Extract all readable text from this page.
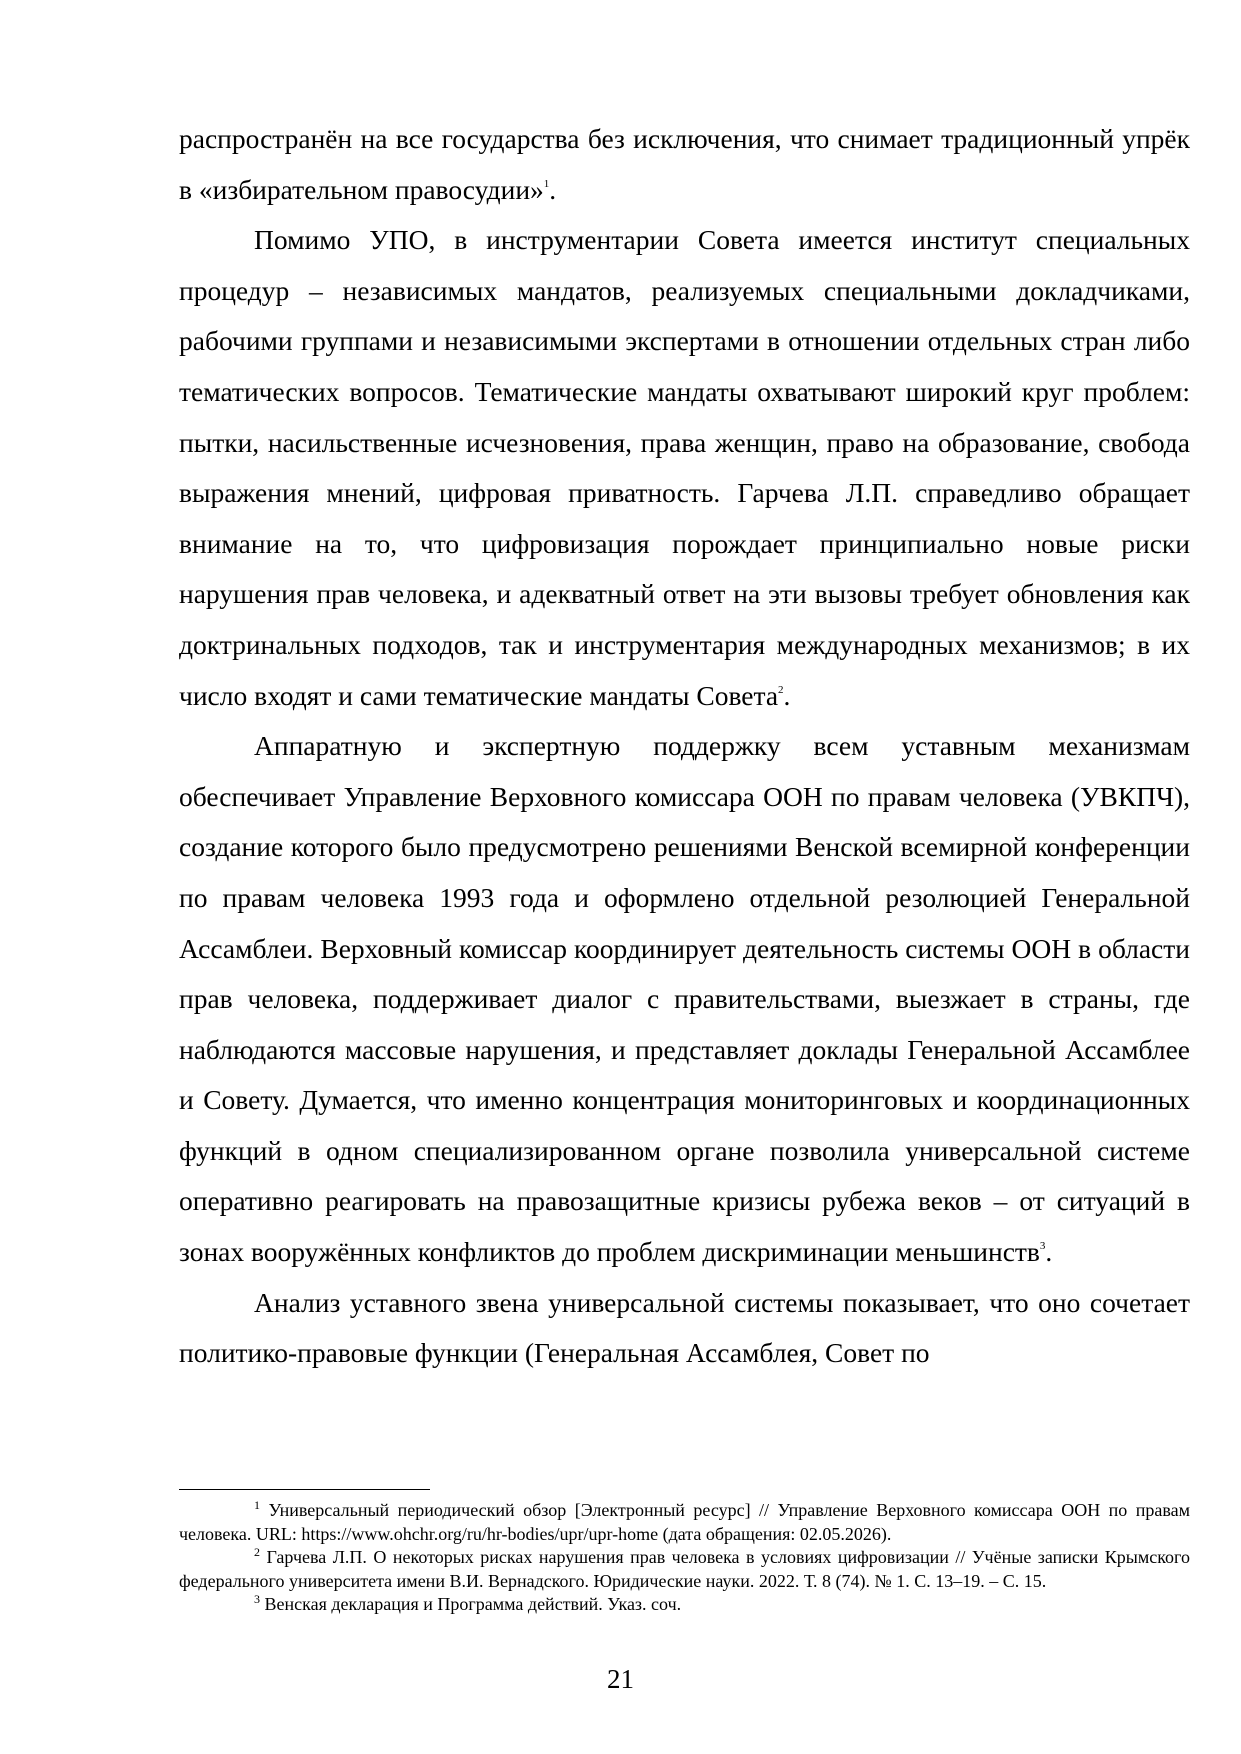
распространён на все государства без исключения, что снимает традиционный упрёк в «избирательном правосудии»$^1$.

Помимо УПО, в инструментарии Совета имеется институт специальных процедур – независимых мандатов, реализуемых специальными докладчиками, рабочими группами и независимыми экспертами в отношении отдельных стран либо тематических вопросов. Тематические мандаты охватывают широкий круг проблем: пытки, насильственные исчезновения, права женщин, право на образование, свобода выражения мнений, цифровая приватность. Гарчева Л.П. справедливо обращает внимание на то, что цифровизация порождает принципиально новые риски нарушения прав человека, и адекватный ответ на эти вызовы требует обновления как доктринальных подходов, так и инструментария международных механизмов; в их число входят и сами тематические мандаты Совета$^2$.

Аппаратную и экспертную поддержку всем уставным механизмам обеспечивает Управление Верховного комиссара ООН по правам человека (УВКПЧ), создание которого было предусмотрено решениями Венской всемирной конференции по правам человека 1993 года и оформлено отдельной резолюцией Генеральной Ассамблеи. Верховный комиссар координирует деятельность системы ООН в области прав человека, поддерживает диалог с правительствами, выезжает в страны, где наблюдаются массовые нарушения, и представляет доклады Генеральной Ассамблее и Совету. Думается, что именно концентрация мониторинговых и координационных функций в одном специализированном органе позволила универсальной системе оперативно реагировать на правозащитные кризисы рубежа веков – от ситуаций в зонах вооружённых конфликтов до проблем дискриминации меньшинств$^3$.

Анализ уставного звена универсальной системы показывает, что оно сочетает политико-правовые функции (Генеральная Ассамблея, Совет по

$^1$ Универсальный периодический обзор [Электронный ресурс] // Управление Верховного комиссара ООН по правам человека. URL: https://www.ohchr.org/ru/hr-bodies/upr/upr-home (дата обращения: 02.05.2026).

$^2$ Гарчева Л.П. О некоторых рисках нарушения прав человека в условиях цифровизации // Учёные записки Крымского федерального университета имени В.И. Вернадского. Юридические науки. 2022. Т. 8 (74). № 1. С. 13–19. – С. 15.

$^3$ Венская декларация и Программа действий. Указ. соч.

21
